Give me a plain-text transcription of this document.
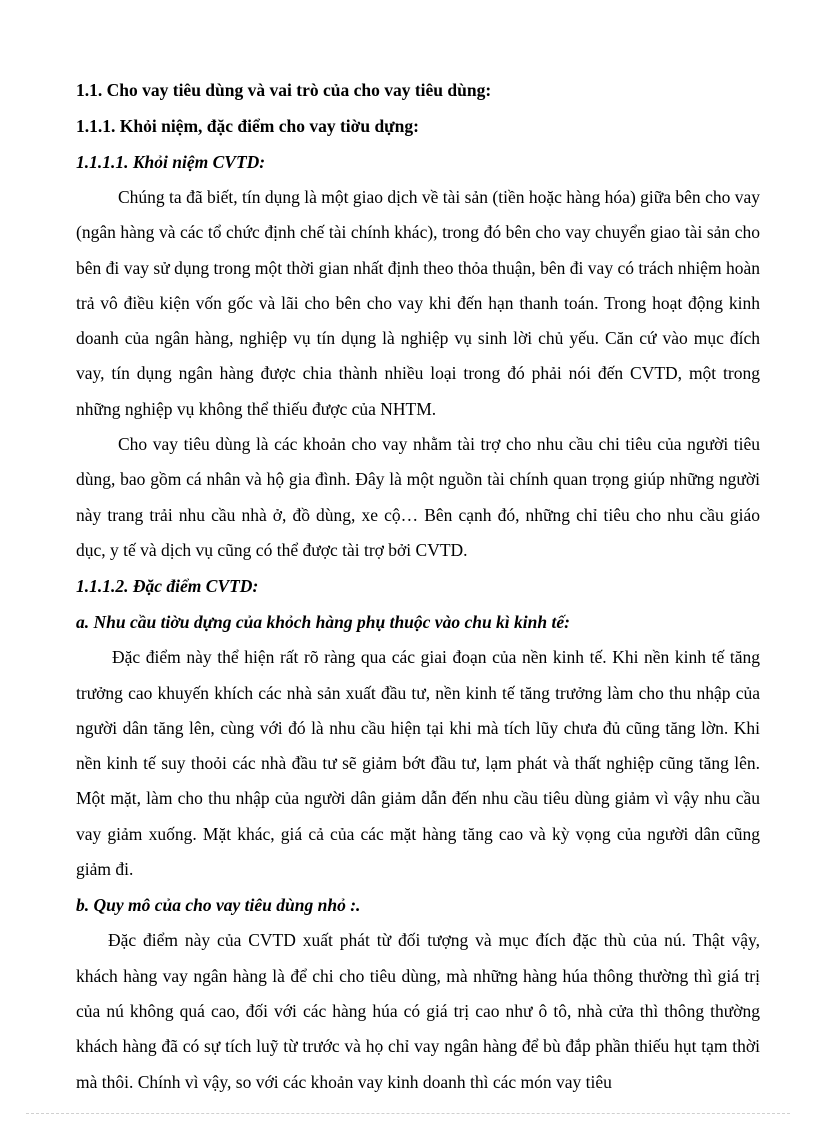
1.1. Cho vay tiêu dùng và vai trò của cho vay tiêu dùng:
1.1.1. Khỏi niệm, đặc điểm cho vay tiờu dựng:
1.1.1.1. Khỏi niệm CVTD:

Chúng ta đã biết, tín dụng là một giao dịch về tài sản (tiền hoặc hàng hóa) giữa bên cho vay (ngân hàng và các tổ chức định chế tài chính khác), trong đó bên cho vay chuyển giao tài sản cho bên đi vay sử dụng trong một thời gian nhất định theo thỏa thuận, bên đi vay có trách nhiệm hoàn trả vô điều kiện vốn gốc và lãi cho bên cho vay khi đến hạn thanh toán. Trong hoạt động kinh doanh của ngân hàng, nghiệp vụ tín dụng là nghiệp vụ sinh lời chủ yếu. Căn cứ vào mục đích vay, tín dụng ngân hàng được chia thành nhiều loại trong đó phải nói đến CVTD, một trong những nghiệp vụ không thể thiếu được của NHTM.

Cho vay tiêu dùng là các khoản cho vay nhằm tài trợ cho nhu cầu chi tiêu của người tiêu dùng, bao gồm cá nhân và hộ gia đình. Đây là một nguồn tài chính quan trọng giúp những người này trang trải nhu cầu nhà ở, đồ dùng, xe cộ… Bên cạnh đó, những chỉ tiêu cho nhu cầu giáo dục, y tế và dịch vụ cũng có thể được tài trợ bởi CVTD.

1.1.1.2. Đặc điểm CVTD:
a. Nhu cầu tiờu dựng của khỏch hàng phụ thuộc vào chu kì kinh tế:

Đặc điểm này thể hiện rất rõ ràng qua các giai đoạn của nền kinh tế. Khi nền kinh tế tăng trưởng cao khuyến khích các nhà sản xuất đầu tư, nền kinh tế tăng trưởng làm cho thu nhập của người dân tăng lên, cùng với đó là nhu cầu hiện tại khi mà tích lũy chưa đủ cũng tăng lờn. Khi nền kinh tế suy thoỏi các nhà đầu tư sẽ giảm bớt đầu tư, lạm phát và thất nghiệp cũng tăng lên. Một mặt, làm cho thu nhập của người dân giảm dẫn đến nhu cầu tiêu dùng giảm vì vậy nhu cầu vay giảm xuống. Mặt khác, giá cả của các mặt hàng tăng cao và kỳ vọng của người dân cũng giảm đi.

b. Quy mô của cho vay tiêu dùng nhỏ :.

Đặc điểm này của CVTD xuất phát từ đối tượng và mục đích đặc thù của nú. Thật vậy, khách hàng vay ngân hàng là để chi cho tiêu dùng, mà những hàng húa thông thường thì giá trị của nú không quá cao, đối với các hàng húa có giá trị cao như ô tô, nhà cửa thì thông thường khách hàng đã có sự tích luỹ từ trước và họ chỉ vay ngân hàng để bù đắp phần thiếu hụt tạm thời mà thôi. Chính vì vậy, so với các khoản vay kinh doanh thì các món vay tiêu
